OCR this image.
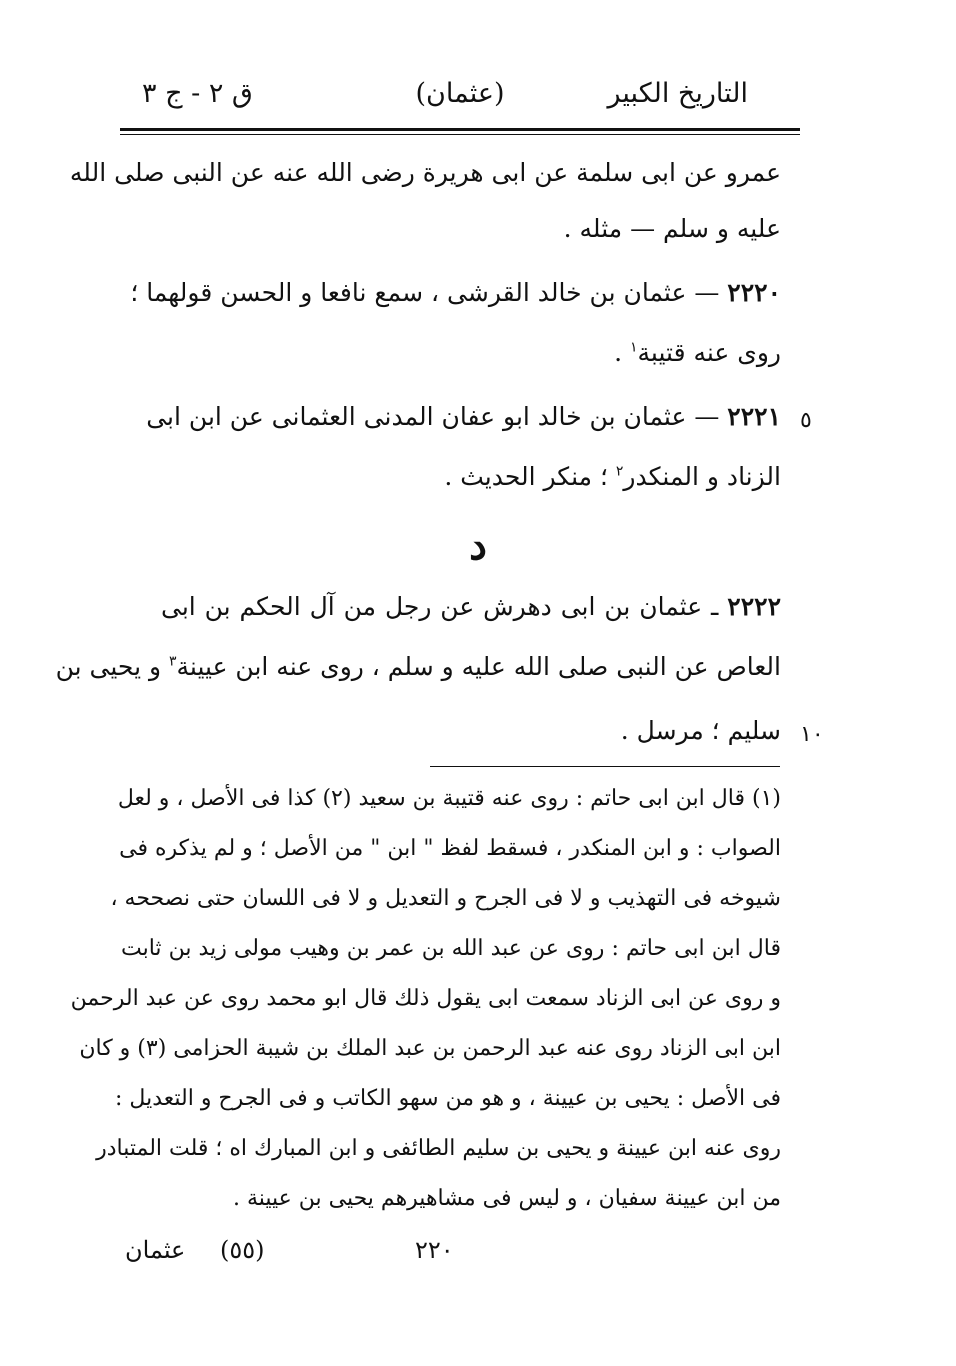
التاريخ الكبير
(عثمان)
ق ٢ - ج ٣
عمرو عن ابى سلمة عن ابى هريرة رضى الله عنه عن النبى صلى الله
عليه و سلم — مثله .
٢٢٢٠ — عثمان بن خالد القرشى ، سمع نافعا و الحسن قولهما ؛
روى عنه قتيبة$^١$ .
٢٢٢١ — عثمان بن خالد ابو عفان المدنى العثمانى عن ابن ابى	٥
الزناد و المنكدر$^٢$ ؛ منكر الحديث .
د
٢٢٢٢ ـ عثمان بن ابى دهرش عن رجل من آل الحكم بن ابى
العاص عن النبى صلى الله عليه و سلم ، روى عنه ابن عيينة$^٣$ و يحيى بن
سليم ؛ مرسل . ١٠
(١) قال ابن ابى حاتم : روى عنه قتيبة بن سعيد (٢) كذا فى الأصل ، و لعل
الصواب : و ابن المنكدر ، فسقط لفظ " ابن " من الأصل ؛ و لم يذكره فى
شيوخه فى التهذيب و لا فى الجرح و التعديل و لا فى اللسان حتى نصححه ،
قال ابن ابى حاتم : روى عن عبد الله بن عمر بن وهيب مولى زيد بن ثابت
و روى عن ابى الزناد سمعت ابى يقول ذلك قال ابو محمد روى عن عبد الرحمن
ابن ابى الزناد روى عنه عبد الرحمن بن عبد الملك بن شيبة الحزامى (٣) و كان
فى الأصل : يحيى بن عيينة ، و هو من سهو الكاتب و فى الجرح و التعديل :
روى عنه ابن عيينة و يحيى بن سليم الطائفى و ابن المبارك اه ؛ قلت المتبادر
من ابن عيينة سفيان ، و ليس فى مشاهيرهم يحيى بن عيينة .
٢٢٠
(٥٥)
عثمان
